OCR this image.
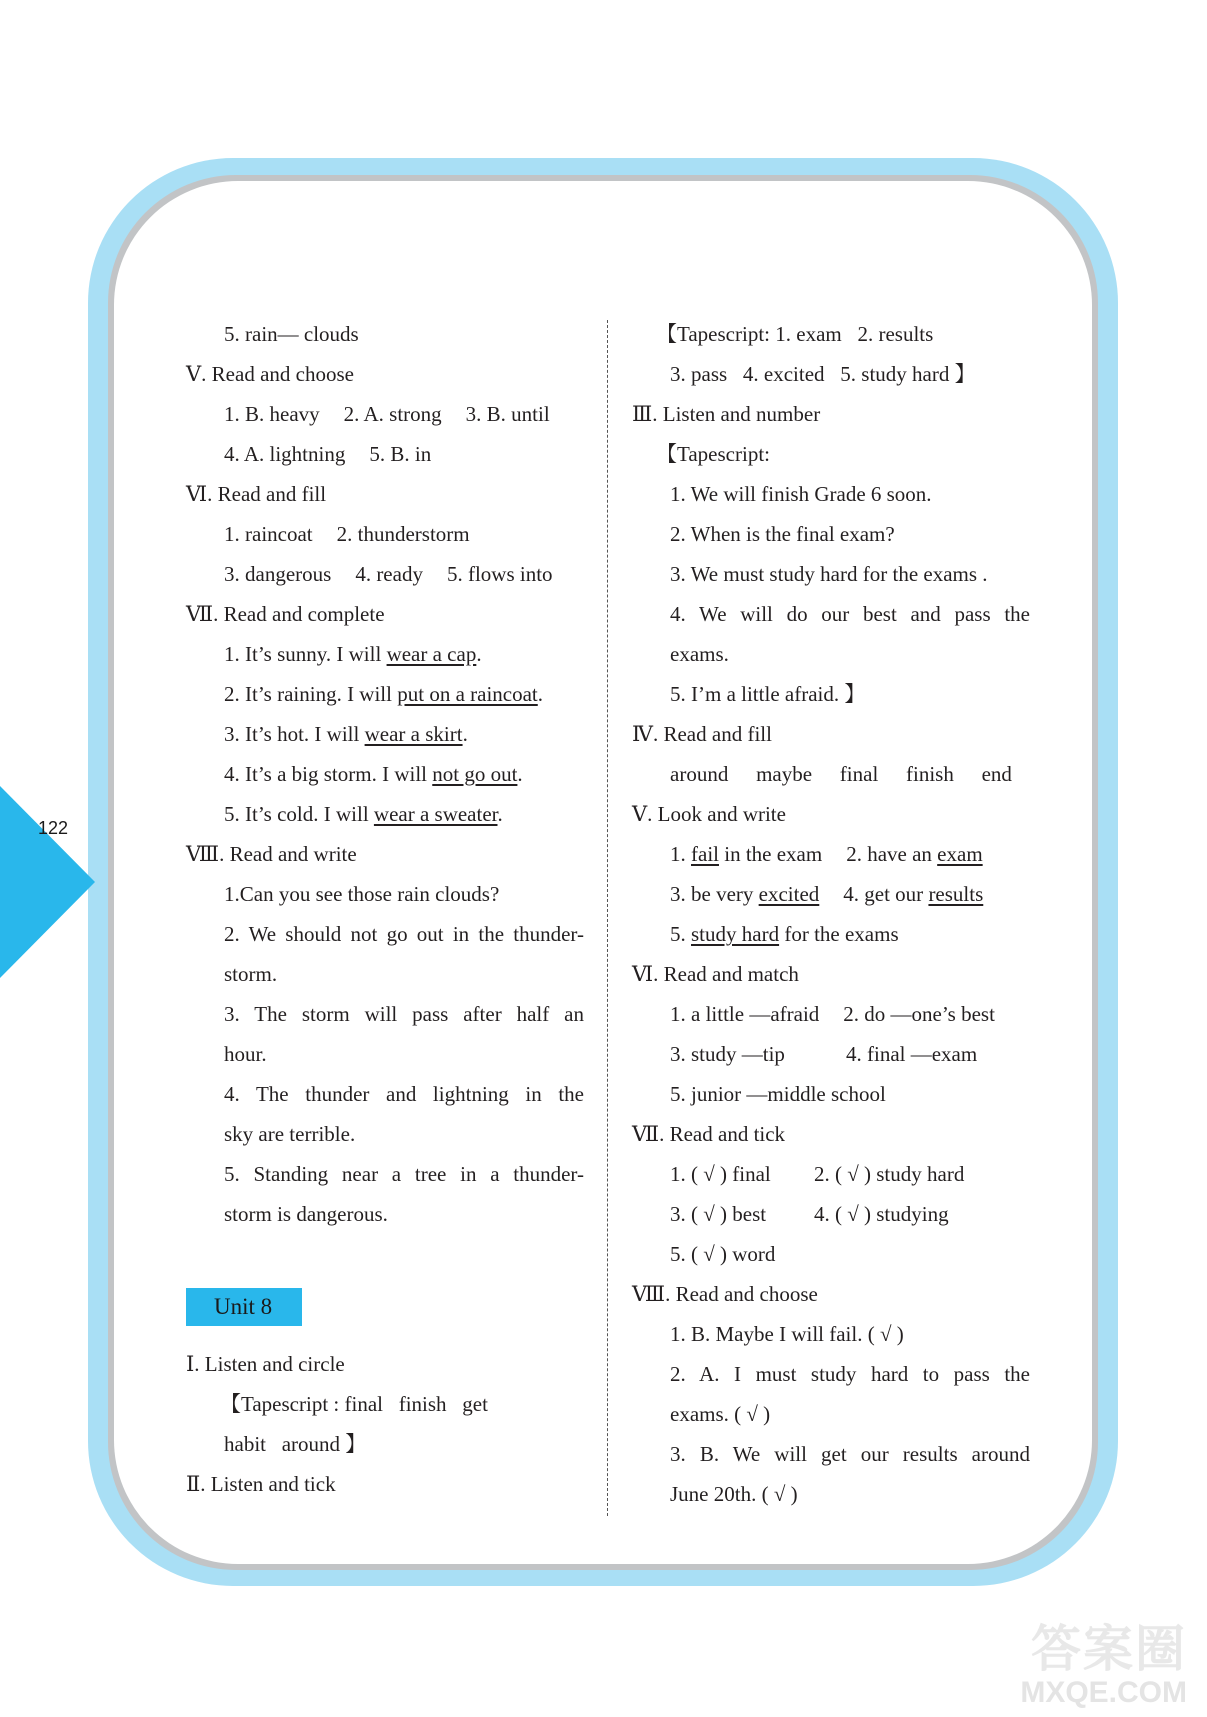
122
5. rain— clouds
Ⅴ. Read and choose
1. B. heavy 2. A. strong 3. B. until
4. A. lightning 5. B. in
Ⅵ. Read and fill
1. raincoat 2. thunderstorm
3. dangerous 4. ready 5. flows into
Ⅶ. Read and complete
1. It’s sunny. I will wear a cap.
2. It’s raining. I will put on a raincoat.
3. It’s hot. I will wear a skirt.
4. It’s a big storm. I will not go out.
5. It’s cold. I will wear a sweater.
Ⅷ. Read and write
1.Can you see those rain clouds?
2. We should not go out in the thunder-
storm.
3. The storm will pass after half an
hour.
4. The thunder and lightning in the
sky are terrible.
5. Standing near a tree in a thunder-
storm is dangerous.
Unit 8
Ⅰ. Listen and circle
【Tapescript : final   finish   get
habit   around 】
Ⅱ. Listen and tick
【Tapescript: 1. exam   2. results
3. pass   4. excited   5. study hard 】
Ⅲ. Listen and number
【Tapescript:
1. We will finish Grade 6 soon.
2. When is the final exam?
3. We must study hard for the exams .
4. We will do our best and pass the
exams.
5. I’m a little afraid. 】
Ⅳ. Read and fill
around   maybe   final   finish   end
Ⅴ. Look and write
1. fail in the exam 2. have an exam
3. be very excited 4. get our results
5. study hard for the exams
Ⅵ. Read and match
1. a little —afraid 2. do —one’s best
3. study —tip	4. final —exam
5. junior —middle school
Ⅶ. Read and tick
1. ( √ ) final 2. ( √ ) study hard
3. ( √ ) best 4. ( √ ) studying
5. ( √ ) word
Ⅷ. Read and choose
1. B. Maybe I will fail. ( √ )
2. A. I must study hard to pass the
exams. ( √ )
3. B. We will get our results around
June 20th. ( √ )
答案圈
MXQE.COM
